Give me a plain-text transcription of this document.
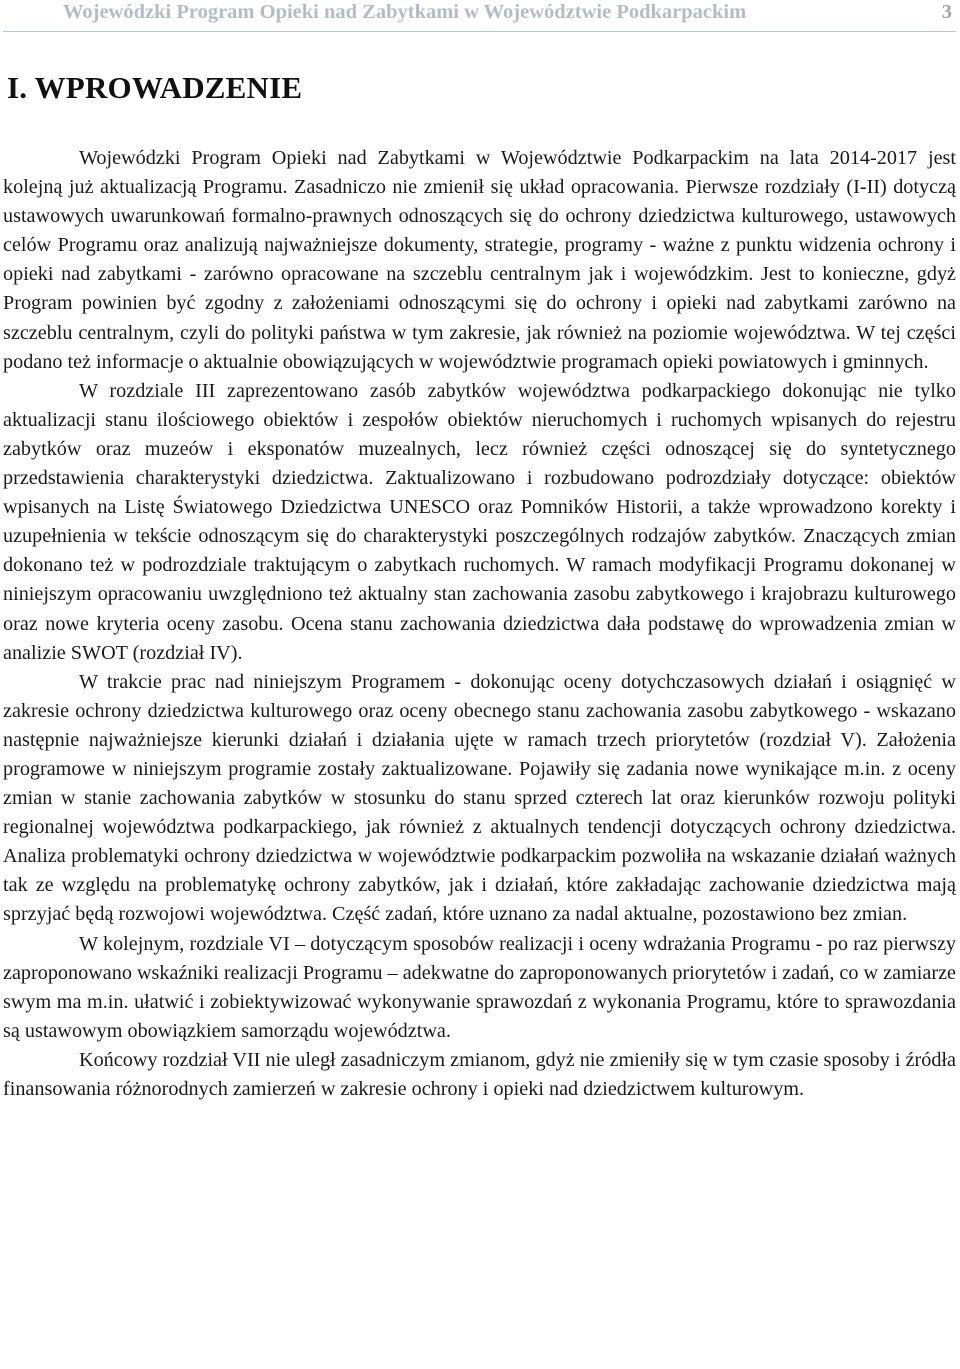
Wojewódzki Program Opieki nad Zabytkami w Województwie Podkarpackim	3
I. WPROWADZENIE

Wojewódzki Program Opieki nad Zabytkami w Województwie Podkarpackim na lata 2014-2017 jest kolejną już aktualizacją Programu. Zasadniczo nie zmienił się układ opracowania. Pierwsze rozdziały (I-II) dotyczą ustawowych uwarunkowań formalno-prawnych odnoszących się do ochrony dziedzictwa kulturowego, ustawowych celów Programu oraz analizują najważniejsze dokumenty, strategie, programy - ważne z punktu widzenia ochrony i opieki nad zabytkami - zarówno opracowane na szczeblu centralnym jak i wojewódzkim. Jest to konieczne, gdyż Program powinien być zgodny z założeniami odnoszącymi się do ochrony i opieki nad zabytkami zarówno na szczeblu centralnym, czyli do polityki państwa w tym zakresie, jak również na poziomie województwa. W tej części podano też informacje o aktualnie obowiązujących w województwie programach opieki powiatowych i gminnych.

W rozdziale III zaprezentowano zasób zabytków województwa podkarpackiego dokonując nie tylko aktualizacji stanu ilościowego obiektów i zespołów obiektów nieruchomych i ruchomych wpisanych do rejestru zabytków oraz muzeów i eksponatów muzealnych, lecz również części odnoszącej się do syntetycznego przedstawienia charakterystyki dziedzictwa. Zaktualizowano i rozbudowano podrozdziały dotyczące: obiektów wpisanych na Listę Światowego Dziedzictwa UNESCO oraz Pomników Historii, a także wprowadzono korekty i uzupełnienia w tekście odnoszącym się do charakterystyki poszczególnych rodzajów zabytków. Znaczących zmian dokonano też w podrozdziale traktującym o zabytkach ruchomych. W ramach modyfikacji Programu dokonanej w niniejszym opracowaniu uwzględniono też aktualny stan zachowania zasobu zabytkowego i krajobrazu kulturowego oraz nowe kryteria oceny zasobu. Ocena stanu zachowania dziedzictwa dała podstawę do wprowadzenia zmian w analizie SWOT (rozdział IV).

W trakcie prac nad niniejszym Programem - dokonując oceny dotychczasowych działań i osiągnięć w zakresie ochrony dziedzictwa kulturowego oraz oceny obecnego stanu zachowania zasobu zabytkowego - wskazano następnie najważniejsze kierunki działań i działania ujęte w ramach trzech priorytetów (rozdział V). Założenia programowe w niniejszym programie zostały zaktualizowane. Pojawiły się zadania nowe wynikające m.in. z oceny zmian w stanie zachowania zabytków w stosunku do stanu sprzed czterech lat oraz kierunków rozwoju polityki regionalnej województwa podkarpackiego, jak również z aktualnych tendencji dotyczących ochrony dziedzictwa. Analiza problematyki ochrony dziedzictwa w województwie podkarpackim pozwoliła na wskazanie działań ważnych tak ze względu na problematykę ochrony zabytków, jak i działań, które zakładając zachowanie dziedzictwa mają sprzyjać będą rozwojowi województwa. Część zadań, które uznano za nadal aktualne, pozostawiono bez zmian.

W kolejnym, rozdziale VI – dotyczącym sposobów realizacji i oceny wdrażania Programu - po raz pierwszy zaproponowano wskaźniki realizacji Programu – adekwatne do zaproponowanych priorytetów i zadań, co w zamiarze swym ma m.in. ułatwić i zobiektywizować wykonywanie sprawozdań z wykonania Programu, które to sprawozdania są ustawowym obowiązkiem samorządu województwa.

Końcowy rozdział VII nie uległ zasadniczym zmianom, gdyż nie zmieniły się w tym czasie sposoby i źródła finansowania różnorodnych zamierzeń w zakresie ochrony i opieki nad dziedzictwem kulturowym.
